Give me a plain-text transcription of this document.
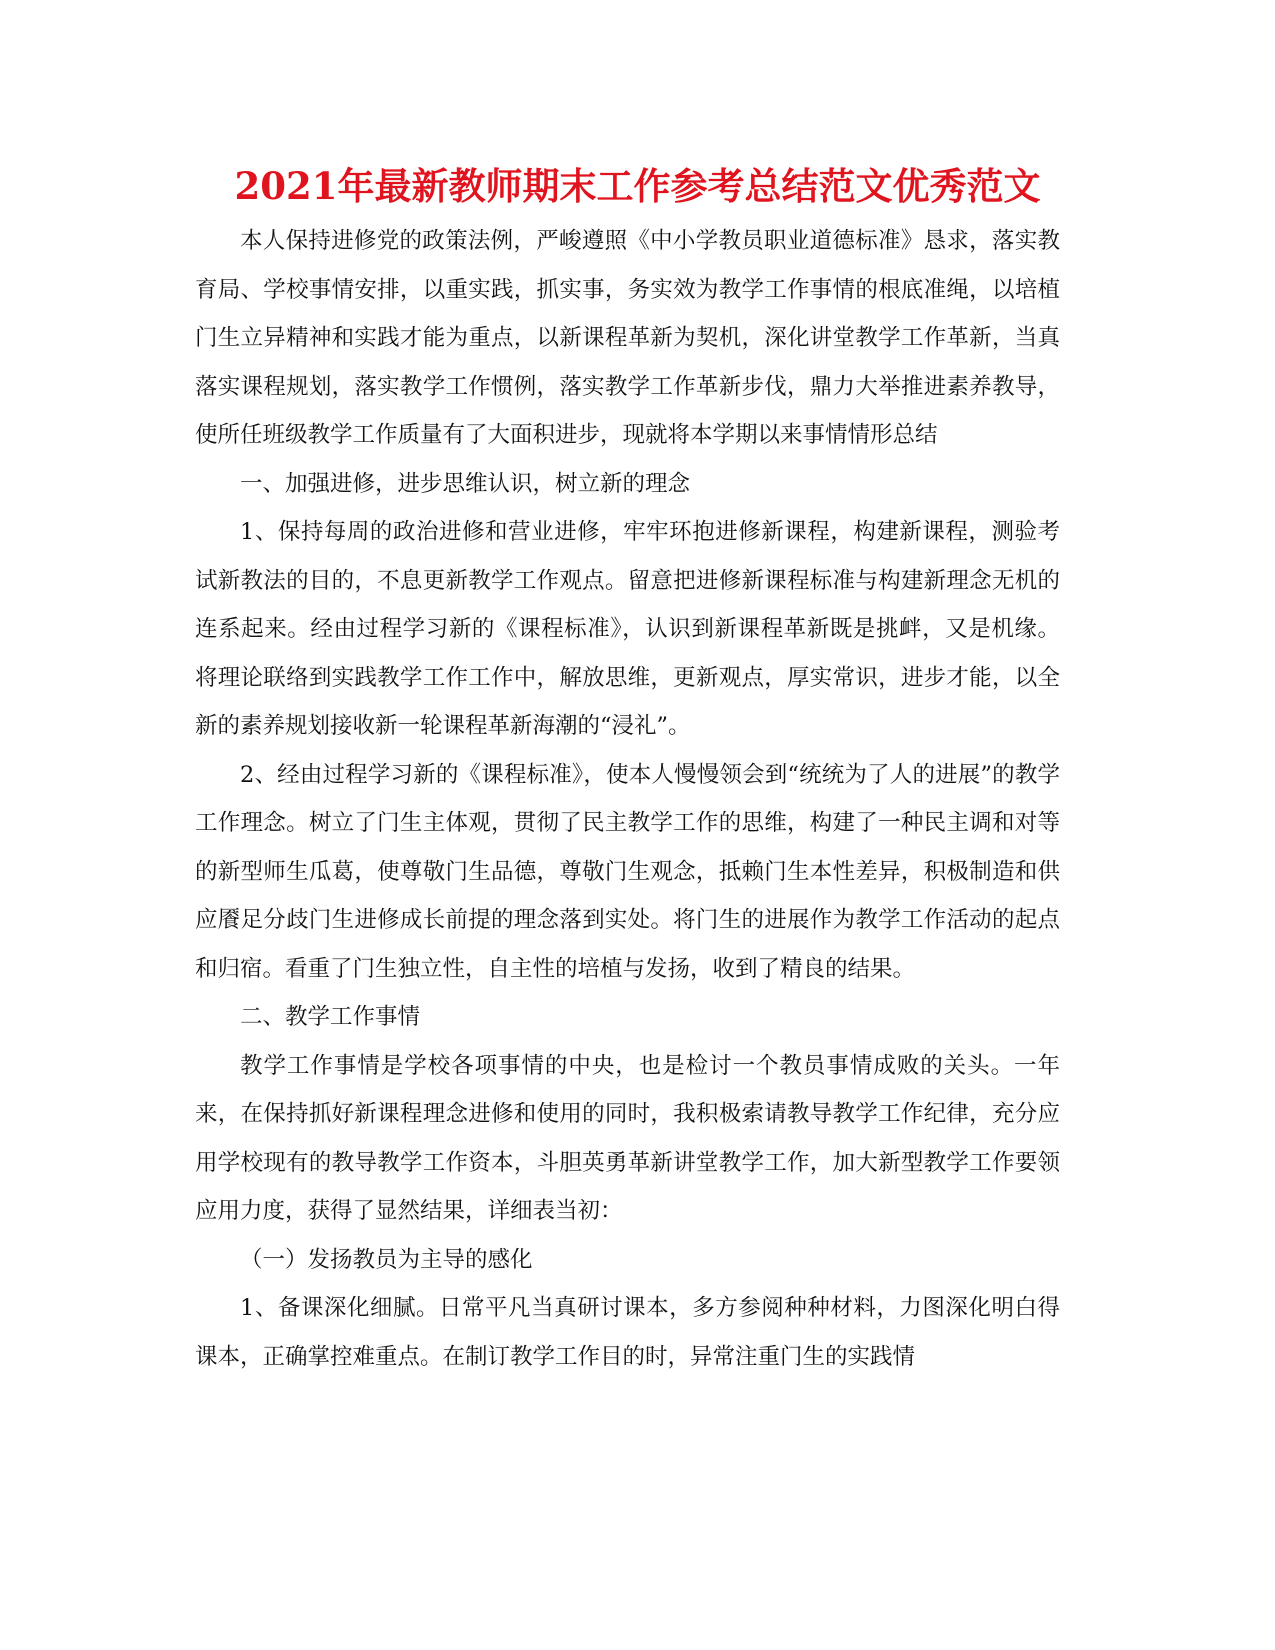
2021年最新教师期末工作参考总结范文优秀范文

本人保持进修党的政策法例，严峻遵照《中小学教员职业道德标准》恳求，落实教育局、学校事情安排，以重实践，抓实事，务实效为教学工作事情的根底准绳，以培植门生立异精神和实践才能为重点，以新课程革新为契机，深化讲堂教学工作革新，当真落实课程规划，落实教学工作惯例，落实教学工作革新步伐，鼎力大举推进素养教导，使所任班级教学工作质量有了大面积进步，现就将本学期以来事情情形总结

一、加强进修，进步思维认识，树立新的理念

1、保持每周的政治进修和营业进修，牢牢环抱进修新课程，构建新课程，测验考试新教法的目的，不息更新教学工作观点。留意把进修新课程标准与构建新理念无机的连系起来。经由过程学习新的《课程标准》，认识到新课程革新既是挑衅，又是机缘。将理论联络到实践教学工作工作中，解放思维，更新观点，厚实常识，进步才能，以全新的素养规划接收新一轮课程革新海潮的“浸礼”。

2、经由过程学习新的《课程标准》，使本人慢慢领会到“统统为了人的进展”的教学工作理念。树立了门生主体观，贯彻了民主教学工作的思维，构建了一种民主调和对等的新型师生瓜葛，使尊敬门生品德，尊敬门生观念，抵赖门生本性差异，积极制造和供应餍足分歧门生进修成长前提的理念落到实处。将门生的进展作为教学工作活动的起点和归宿。看重了门生独立性，自主性的培植与发扬，收到了精良的结果。

二、教学工作事情

教学工作事情是学校各项事情的中央，也是检讨一个教员事情成败的关头。一年来，在保持抓好新课程理念进修和使用的同时，我积极索请教导教学工作纪律，充分应用学校现有的教导教学工作资本，斗胆英勇革新讲堂教学工作，加大新型教学工作要领应用力度，获得了显然结果，详细表当初：

（一）发扬教员为主导的感化

1、备课深化细腻。日常平凡当真研讨课本，多方参阅种种材料，力图深化明白得课本，正确掌控难重点。在制订教学工作目的时，异常注重门生的实践情
